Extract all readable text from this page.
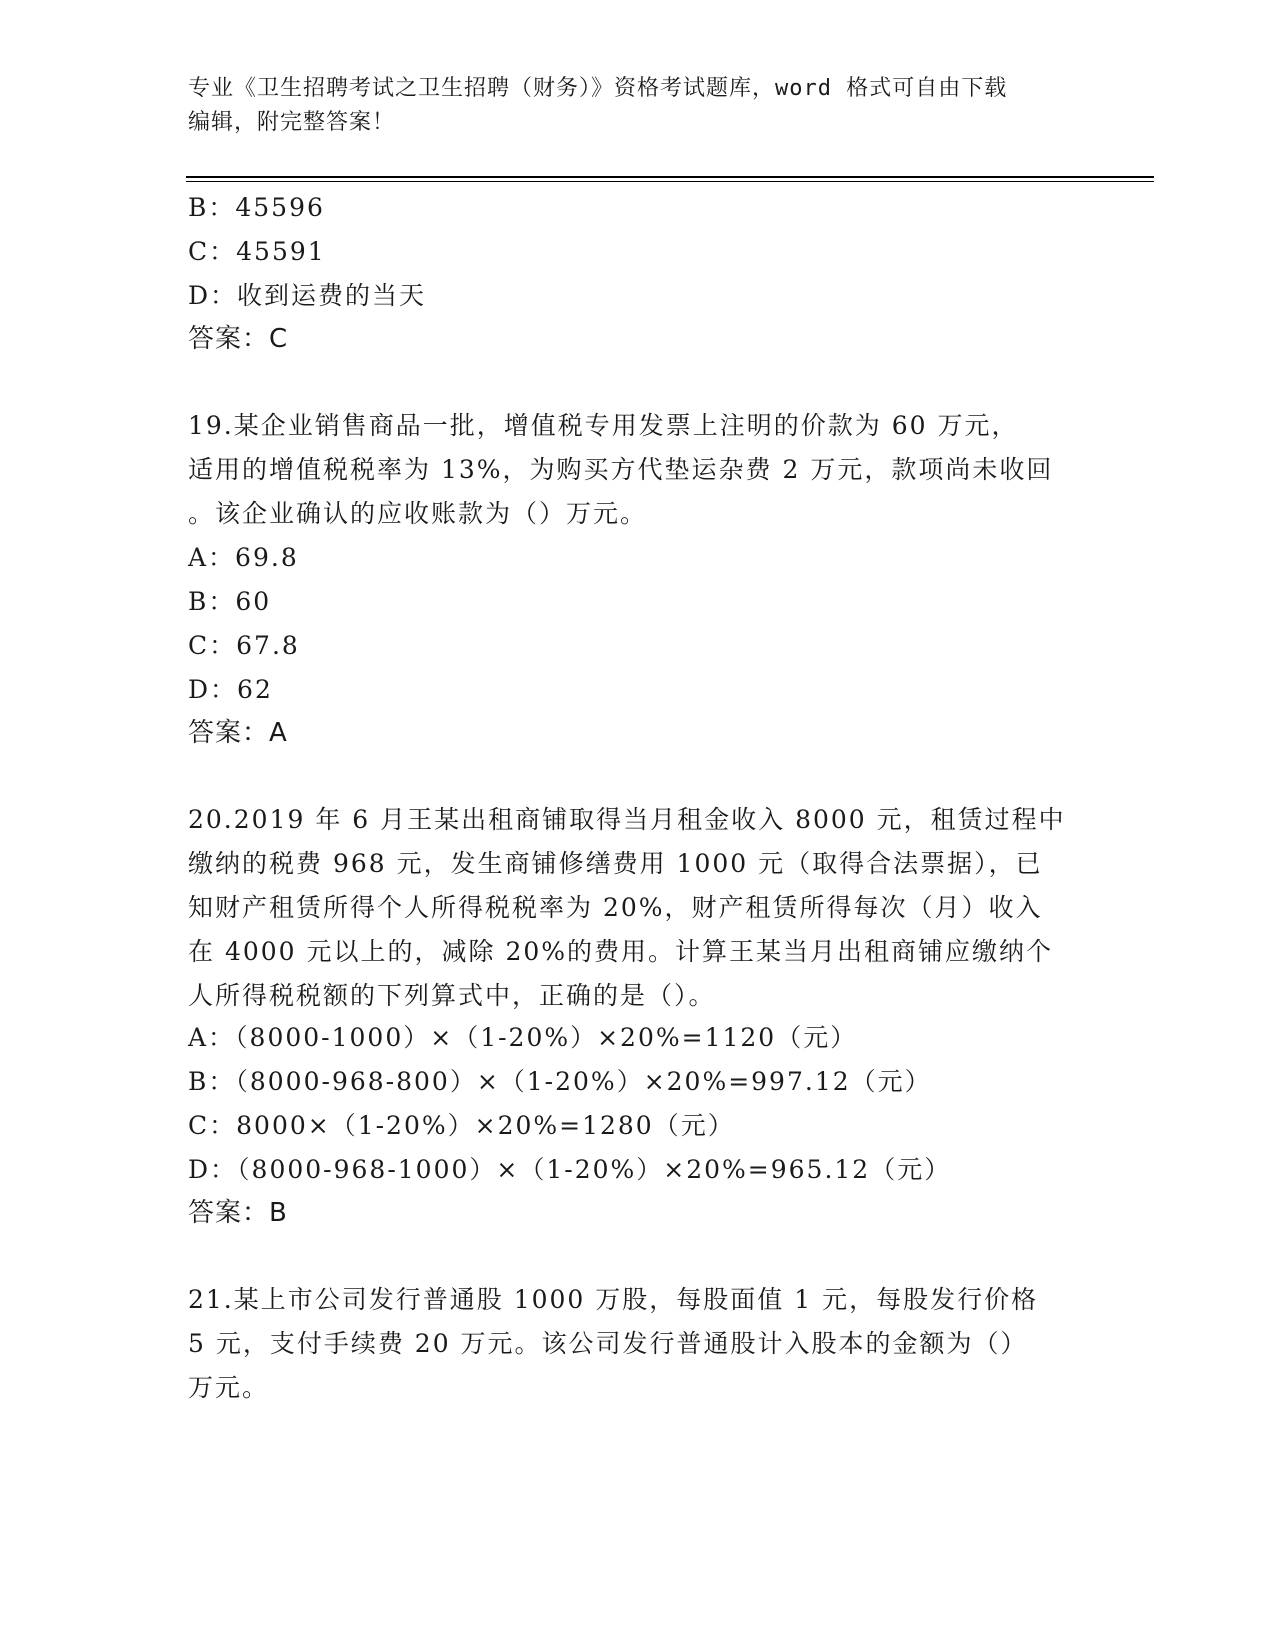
专业《卫生招聘考试之卫生招聘（财务）》资格考试题库，word 格式可自由下载
编辑，附完整答案！
B：45596
C：45591
D：收到运费的当天
答案：C
19.某企业销售商品一批，增值税专用发票上注明的价款为 60 万元，
适用的增值税税率为 13%，为购买方代垫运杂费 2 万元，款项尚未收回
。该企业确认的应收账款为（）万元。
A：69.8
B：60
C：67.8
D：62
答案：A
20.2019 年 6 月王某出租商铺取得当月租金收入 8000 元，租赁过程中
缴纳的税费 968 元，发生商铺修缮费用 1000 元（取得合法票据），已
知财产租赁所得个人所得税税率为 20%，财产租赁所得每次（月）收入
在 4000 元以上的，减除 20%的费用。计算王某当月出租商铺应缴纳个
人所得税税额的下列算式中，正确的是（）。
A：（8000-1000）×（1-20%）×20%=1120（元）
B：（8000-968-800）×（1-20%）×20%=997.12（元）
C：8000×（1-20%）×20%=1280（元）
D：（8000-968-1000）×（1-20%）×20%=965.12（元）
答案：B
21.某上市公司发行普通股 1000 万股，每股面值 1 元，每股发行价格
5 元，支付手续费 20 万元。该公司发行普通股计入股本的金额为（）
万元。
